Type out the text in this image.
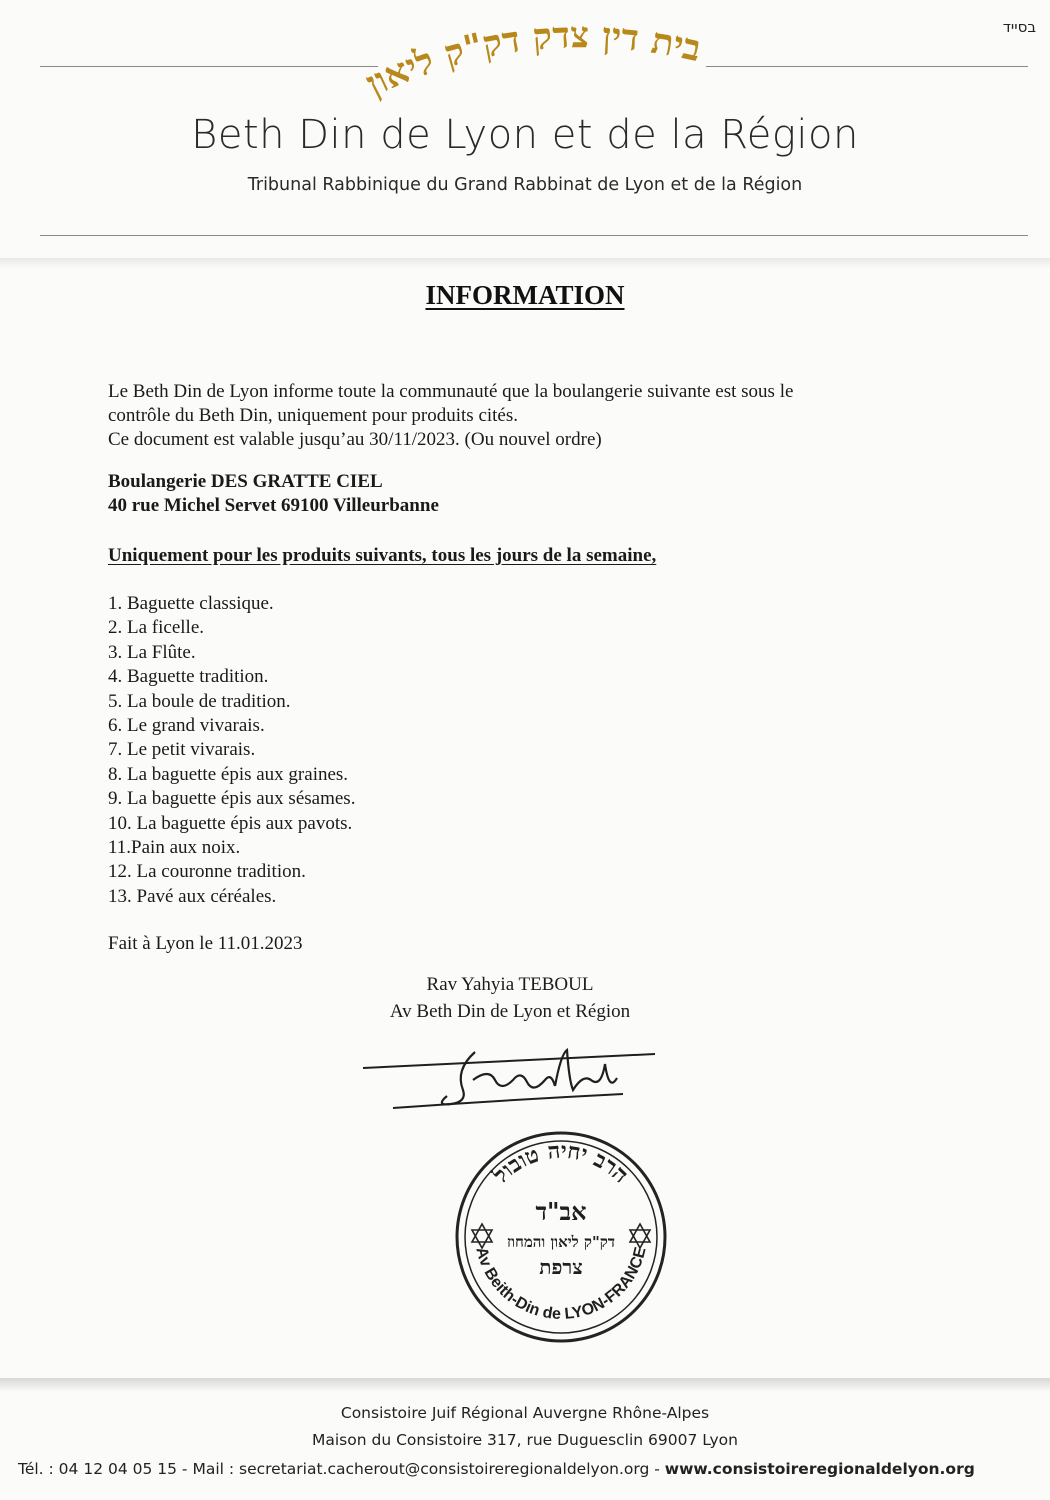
בסייד
בית דין צדק דק"ק ליאון
Beth Din de Lyon et de la Région
Tribunal Rabbinique du Grand Rabbinat de Lyon et de la Région
INFORMATION
Le Beth Din de Lyon informe toute la communauté que la boulangerie suivante est sous le
contrôle du Beth Din, uniquement pour produits cités.
Ce document est valable jusqu’au 30/11/2023. (Ou nouvel ordre)
Boulangerie DES GRATTE CIEL
40 rue Michel Servet 69100 Villeurbanne
Uniquement pour les produits suivants, tous les jours de la semaine,
1. Baguette classique.
2. La ficelle.
3. La Flûte.
4. Baguette tradition.
5. La boule de tradition.
6. Le grand vivarais.
7. Le petit vivarais.
8. La baguette épis aux graines.
9. La baguette épis aux sésames.
10. La baguette épis aux pavots.
11.Pain aux noix.
12. La couronne tradition.
13. Pavé aux céréales.
Fait à Lyon le 11.01.2023
Rav Yahyia TEBOUL
Av Beth Din de Lyon et Région
הרב יחיה טובול
Av Beith-Din de LYON-FRANCE
אב"ד
דק"ק ליאון והמחוז
צרפת
Consistoire Juif Régional Auvergne Rhône-Alpes
Maison du Consistoire 317, rue Duguesclin 69007 Lyon
Tél. : 04 12 04 05 15 - Mail : secretariat.cacherout@consistoireregionaldelyon.org - www.consistoireregionaldelyon.org
